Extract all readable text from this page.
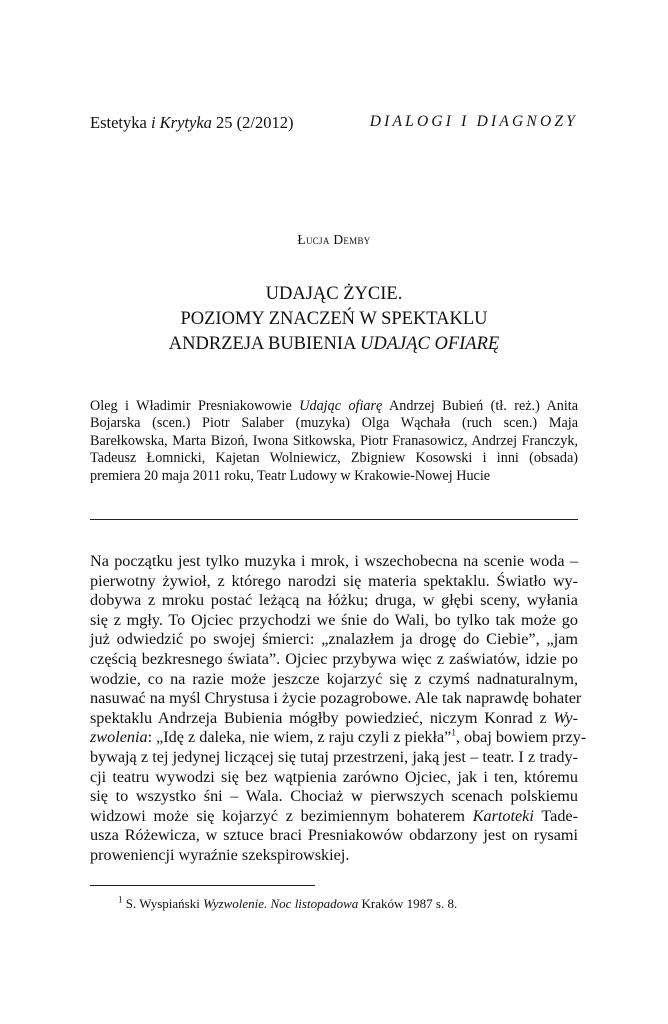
Estetyka i Krytyka 25 (2/2012)	DIALOGI I DIAGNOZY
Łucja Demby
UDAJĄC ŻYCIE.
POZIOMY ZNACZEŃ W SPEKTAKLU
ANDRZEJA BUBIENIA UDAJĄC OFIARĘ
Oleg i Władimir Presniakowowie Udając ofiarę Andrzej Bubień (tł. reż.) Anita Bojarska (scen.) Piotr Salaber (muzyka) Olga Wąchała (ruch scen.) Maja Barełkowska, Marta Bizoń, Iwona Sitkowska, Piotr Franasowicz, Andrzej Franczyk, Tadeusz Łomnicki, Kajetan Wolniewicz, Zbigniew Kosowski i inni (obsada) premiera 20 maja 2011 roku, Teatr Ludowy w Krakowie-Nowej Hucie
Na początku jest tylko muzyka i mrok, i wszechobecna na scenie woda –
pierwotny żywioł, z którego narodzi się materia spektaklu. Światło wy-
dobywa z mroku postać leżącą na łóżku; druga, w głębi sceny, wyłania
się z mgły. To Ojciec przychodzi we śnie do Wali, bo tylko tak może go
już odwiedzić po swojej śmierci: „znalazłem ja drogę do Ciebie”, „jam
częścią bezkresnego świata”. Ojciec przybywa więc z zaświatów, idzie po
wodzie, co na razie może jeszcze kojarzyć się z czymś nadnaturalnym,
nasuwać na myśl Chrystusa i życie pozagrobowe. Ale tak naprawdę bohater
spektaklu Andrzeja Bubienia mógłby powiedzieć, niczym Konrad z Wy-
zwolenia: „Idę z daleka, nie wiem, z raju czyli z piekła”$^1$, obaj bowiem przy-
bywają z tej jedynej liczącej się tutaj przestrzeni, jaką jest – teatr. I z trady-
cji teatru wywodzi się bez wątpienia zarówno Ojciec, jak i ten, któremu
się to wszystko śni – Wala. Chociaż w pierwszych scenach polskiemu
widzowi może się kojarzyć z bezimiennym bohaterem Kartoteki Tade-
usza Różewicza, w sztuce braci Presniakowów obdarzony jest on rysami
proweniencji wyraźnie szekspirowskiej.
$^1$ S. Wyspiański Wyzwolenie. Noc listopadowa Kraków 1987 s. 8.
